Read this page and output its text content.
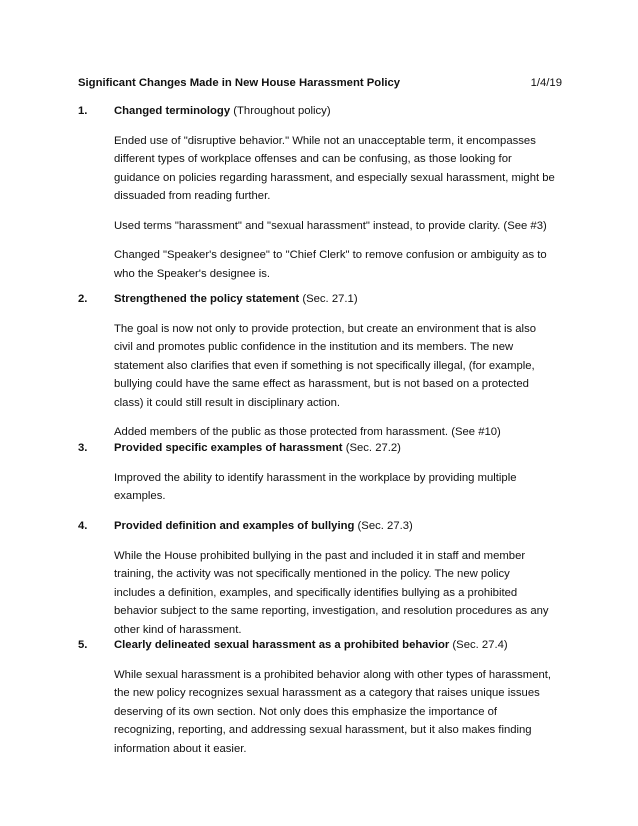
Significant Changes Made in New House Harassment Policy	1/4/19
1. Changed terminology (Throughout policy)
Ended use of "disruptive behavior." While not an unacceptable term, it encompasses
different types of workplace offenses and can be confusing, as those looking for
guidance on policies regarding harassment, and especially sexual harassment, might be
dissuaded from reading further.
Used terms "harassment" and "sexual harassment" instead, to provide clarity. (See #3)
Changed "Speaker's designee" to "Chief Clerk" to remove confusion or ambiguity as to
who the Speaker's designee is.
2. Strengthened the policy statement (Sec. 27.1)
The goal is now not only to provide protection, but create an environment that is also
civil and promotes public confidence in the institution and its members. The new
statement also clarifies that even if something is not specifically illegal, (for example,
bullying could have the same effect as harassment, but is not based on a protected
class) it could still result in disciplinary action.
Added members of the public as those protected from harassment. (See #10)
3. Provided specific examples of harassment (Sec. 27.2)
Improved the ability to identify harassment in the workplace by providing multiple
examples.
4. Provided definition and examples of bullying (Sec. 27.3)
While the House prohibited bullying in the past and included it in staff and member
training, the activity was not specifically mentioned in the policy. The new policy
includes a definition, examples, and specifically identifies bullying as a prohibited
behavior subject to the same reporting, investigation, and resolution procedures as any
other kind of harassment.
5. Clearly delineated sexual harassment as a prohibited behavior (Sec. 27.4)
While sexual harassment is a prohibited behavior along with other types of harassment,
the new policy recognizes sexual harassment as a category that raises unique issues
deserving of its own section. Not only does this emphasize the importance of
recognizing, reporting, and addressing sexual harassment, but it also makes finding
information about it easier.
